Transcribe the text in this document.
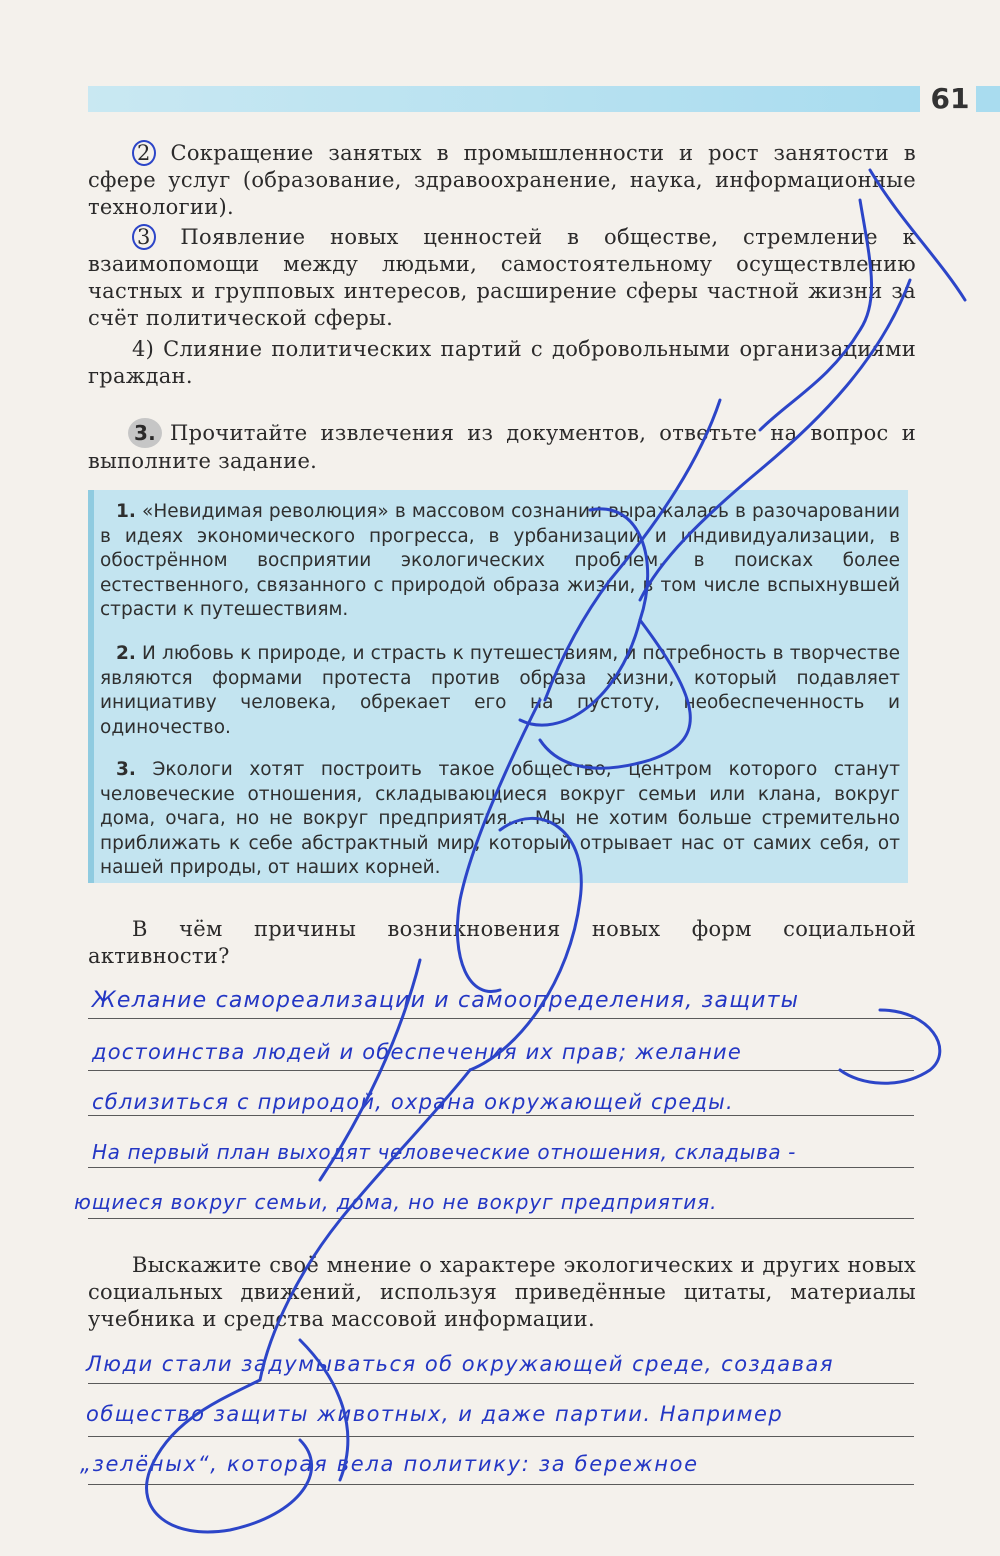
61
2 Сокращение занятых в промышленности и рост занятости в сфере услуг (образование, здравоохранение, наука, информационные технологии).
3 Появление новых ценностей в обществе, стремление к взаимопомощи между людьми, самостоятельному осуществлению частных и групповых интересов, расширение сферы частной жизни за счёт политической сферы.
4) Слияние политических партий с добровольными организациями граждан.
3. Прочитайте извлечения из документов, ответьте на вопрос и выполните задание.
1. «Невидимая революция» в массовом сознании выражалась в разочаровании в идеях экономического прогресса, в урбанизации и индивидуализации, в обострённом восприятии экологических проблем, в поисках более естественного, связанного с природой образа жизни, в том числе вспыхнувшей страсти к путешествиям.
2. И любовь к природе, и страсть к путешествиям, и потребность в творчестве являются формами протеста против образа жизни, который подавляет инициативу человека, обрекает его на пустоту, необеспеченность и одиночество.
3. Экологи хотят построить такое общество, центром которого станут человеческие отношения, складывающиеся вокруг семьи или клана, вокруг дома, очага, но не вокруг предприятия... Мы не хотим больше стремительно приближать к себе абстрактный мир, который отрывает нас от самих себя, от нашей природы, от наших корней.
В чём причины возникновения новых форм социальной активности?
Желание самореализации и самоопределения, защиты
достоинства людей и обеспечения их прав; желание
сблизиться с природой, охрана окружающей среды.
На первый план выходят человеческие отношения, складыва -
ющиеся вокруг семьи, дома, но не вокруг предприятия.
Выскажите своё мнение о характере экологических и других новых социальных движений, используя приведённые цитаты, материалы учебника и средства массовой информации.
Люди стали задумываться об окружающей среде, создавая
общество защиты животных, и даже партии. Например
„зелёных“, которая вела политику: за бережное
